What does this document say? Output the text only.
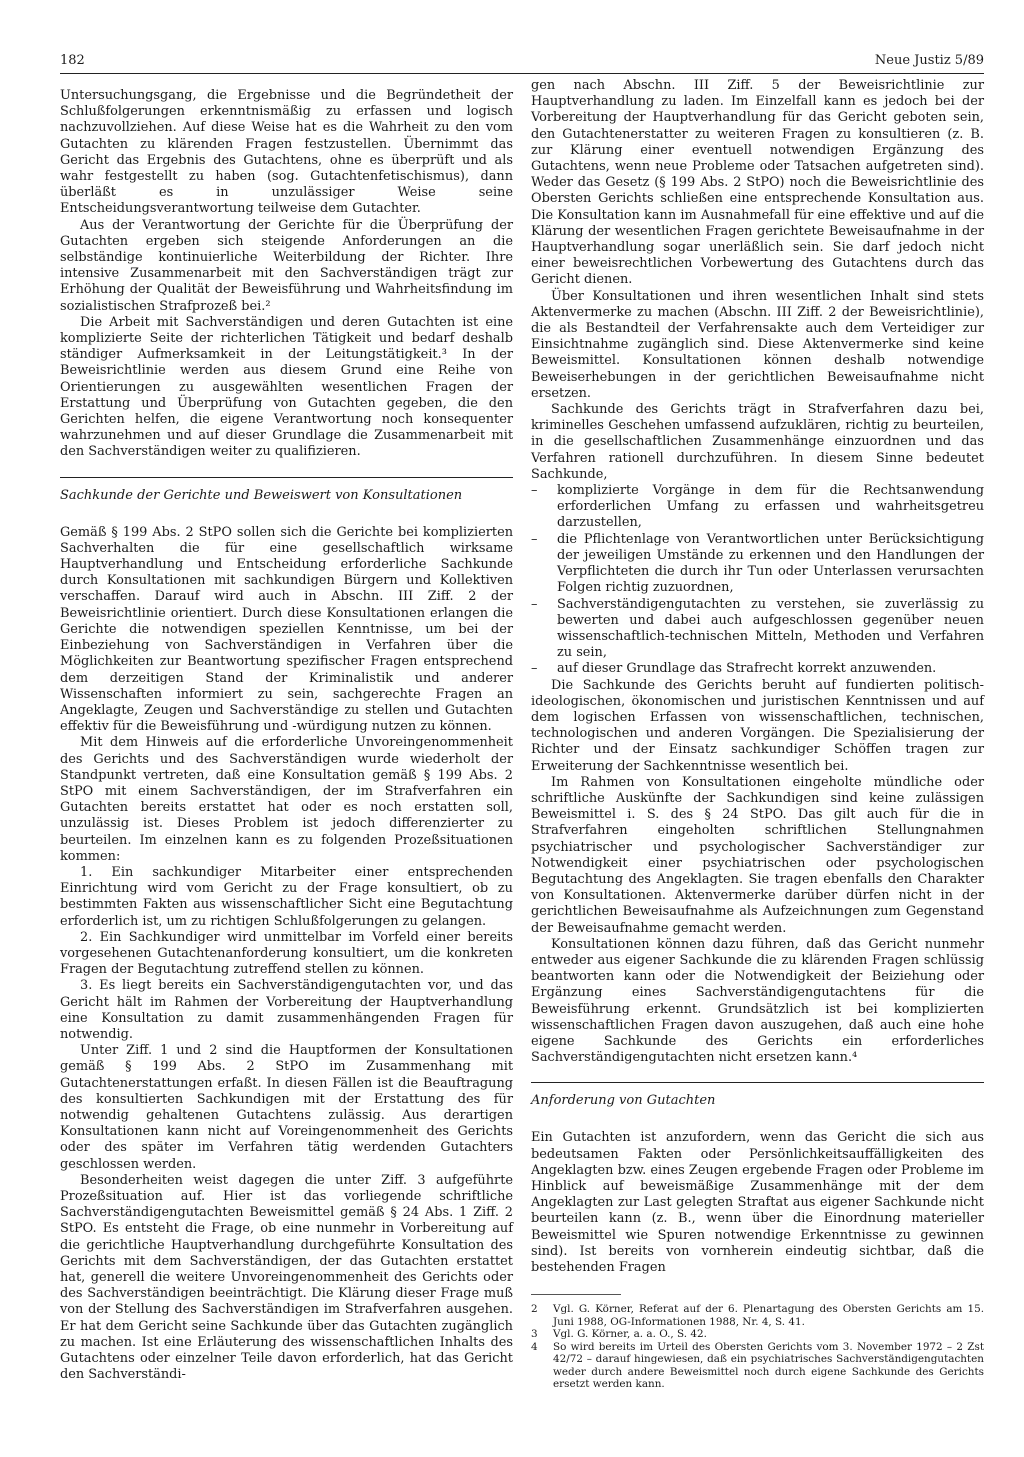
182	Neue Justiz 5/89

Untersuchungsgang, die Ergebnisse und die Begründetheit der Schlußfolgerungen erkenntnismäßig zu erfassen und logisch nachzuvollziehen. Auf diese Weise hat es die Wahrheit zu den vom Gutachten zu klärenden Fragen festzustellen. Übernimmt das Gericht das Ergebnis des Gutachtens, ohne es überprüft und als wahr festgestellt zu haben (sog. Gutachtenfetischismus), dann überläßt es in unzulässiger Weise seine Entscheidungsverantwortung teilweise dem Gutachter.

Aus der Verantwortung der Gerichte für die Überprüfung der Gutachten ergeben sich steigende Anforderungen an die selbständige kontinuierliche Weiterbildung der Richter. Ihre intensive Zusammenarbeit mit den Sachverständigen trägt zur Erhöhung der Qualität der Beweisführung und Wahrheitsfindung im sozialistischen Strafprozeß bei.²

Die Arbeit mit Sachverständigen und deren Gutachten ist eine komplizierte Seite der richterlichen Tätigkeit und bedarf deshalb ständiger Aufmerksamkeit in der Leitungstätigkeit.³ In der Beweisrichtlinie werden aus diesem Grund eine Reihe von Orientierungen zu ausgewählten wesentlichen Fragen der Erstattung und Überprüfung von Gutachten gegeben, die den Gerichten helfen, die eigene Verantwortung noch konsequenter wahrzunehmen und auf dieser Grundlage die Zusammenarbeit mit den Sachverständigen weiter zu qualifizieren.

Sachkunde der Gerichte und Beweiswert von Konsultationen

Gemäß § 199 Abs. 2 StPO sollen sich die Gerichte bei komplizierten Sachverhalten die für eine gesellschaftlich wirksame Hauptverhandlung und Entscheidung erforderliche Sachkunde durch Konsultationen mit sachkundigen Bürgern und Kollektiven verschaffen. Darauf wird auch in Abschn. III Ziff. 2 der Beweisrichtlinie orientiert. Durch diese Konsultationen erlangen die Gerichte die notwendigen speziellen Kenntnisse, um bei der Einbeziehung von Sachverständigen in Verfahren über die Möglichkeiten zur Beantwortung spezifischer Fragen entsprechend dem derzeitigen Stand der Kriminalistik und anderer Wissenschaften informiert zu sein, sachgerechte Fragen an Angeklagte, Zeugen und Sachverständige zu stellen und Gutachten effektiv für die Beweisführung und -würdigung nutzen zu können.

Mit dem Hinweis auf die erforderliche Unvoreingenommenheit des Gerichts und des Sachverständigen wurde wiederholt der Standpunkt vertreten, daß eine Konsultation gemäß § 199 Abs. 2 StPO mit einem Sachverständigen, der im Strafverfahren ein Gutachten bereits erstattet hat oder es noch erstatten soll, unzulässig ist. Dieses Problem ist jedoch differenzierter zu beurteilen. Im einzelnen kann es zu folgenden Prozeßsituationen kommen:

1. Ein sachkundiger Mitarbeiter einer entsprechenden Einrichtung wird vom Gericht zu der Frage konsultiert, ob zu bestimmten Fakten aus wissenschaftlicher Sicht eine Begutachtung erforderlich ist, um zu richtigen Schlußfolgerungen zu gelangen.

2. Ein Sachkundiger wird unmittelbar im Vorfeld einer bereits vorgesehenen Gutachtenanforderung konsultiert, um die konkreten Fragen der Begutachtung zutreffend stellen zu können.

3. Es liegt bereits ein Sachverständigengutachten vor, und das Gericht hält im Rahmen der Vorbereitung der Hauptverhandlung eine Konsultation zu damit zusammenhängenden Fragen für notwendig.

Unter Ziff. 1 und 2 sind die Hauptformen der Konsultationen gemäß § 199 Abs. 2 StPO im Zusammenhang mit Gutachtenerstattungen erfaßt. In diesen Fällen ist die Beauftragung des konsultierten Sachkundigen mit der Erstattung des für notwendig gehaltenen Gutachtens zulässig. Aus derartigen Konsultationen kann nicht auf Voreingenommenheit des Gerichts oder des später im Verfahren tätig werdenden Gutachters geschlossen werden.

Besonderheiten weist dagegen die unter Ziff. 3 aufgeführte Prozeßsituation auf. Hier ist das vorliegende schriftliche Sachverständigengutachten Beweismittel gemäß § 24 Abs. 1 Ziff. 2 StPO. Es entsteht die Frage, ob eine nunmehr in Vorbereitung auf die gerichtliche Hauptverhandlung durchgeführte Konsultation des Gerichts mit dem Sachverständigen, der das Gutachten erstattet hat, generell die weitere Unvoreingenommenheit des Gerichts oder des Sachverständigen beeinträchtigt. Die Klärung dieser Frage muß von der Stellung des Sachverständigen im Strafverfahren ausgehen. Er hat dem Gericht seine Sachkunde über das Gutachten zugänglich zu machen. Ist eine Erläuterung des wissenschaftlichen Inhalts des Gutachtens oder einzelner Teile davon erforderlich, hat das Gericht den Sachverständi-

gen nach Abschn. III Ziff. 5 der Beweisrichtlinie zur Hauptverhandlung zu laden. Im Einzelfall kann es jedoch bei der Vorbereitung der Hauptverhandlung für das Gericht geboten sein, den Gutachtenerstatter zu weiteren Fragen zu konsultieren (z. B. zur Klärung einer eventuell notwendigen Ergänzung des Gutachtens, wenn neue Probleme oder Tatsachen aufgetreten sind). Weder das Gesetz (§ 199 Abs. 2 StPO) noch die Beweisrichtlinie des Obersten Gerichts schließen eine entsprechende Konsultation aus. Die Konsultation kann im Ausnahmefall für eine effektive und auf die Klärung der wesentlichen Fragen gerichtete Beweisaufnahme in der Hauptverhandlung sogar unerläßlich sein. Sie darf jedoch nicht einer beweisrechtlichen Vorbewertung des Gutachtens durch das Gericht dienen.

Über Konsultationen und ihren wesentlichen Inhalt sind stets Aktenvermerke zu machen (Abschn. III Ziff. 2 der Beweisrichtlinie), die als Bestandteil der Verfahrensakte auch dem Verteidiger zur Einsichtnahme zugänglich sind. Diese Aktenvermerke sind keine Beweismittel. Konsultationen können deshalb notwendige Beweiserhebungen in der gerichtlichen Beweisaufnahme nicht ersetzen.

Sachkunde des Gerichts trägt in Strafverfahren dazu bei, kriminelles Geschehen umfassend aufzuklären, richtig zu beurteilen, in die gesellschaftlichen Zusammenhänge einzuordnen und das Verfahren rationell durchzuführen. In diesem Sinne bedeutet Sachkunde,

–	komplizierte Vorgänge in dem für die Rechtsanwendung erforderlichen Umfang zu erfassen und wahrheitsgetreu darzustellen,
–	die Pflichtenlage von Verantwortlichen unter Berücksichtigung der jeweiligen Umstände zu erkennen und den Handlungen der Verpflichteten die durch ihr Tun oder Unterlassen verursachten Folgen richtig zuzuordnen,
–	Sachverständigengutachten zu verstehen, sie zuverlässig zu bewerten und dabei auch aufgeschlossen gegenüber neuen wissenschaftlich-technischen Mitteln, Methoden und Verfahren zu sein,
–	auf dieser Grundlage das Strafrecht korrekt anzuwenden.

Die Sachkunde des Gerichts beruht auf fundierten politisch-ideologischen, ökonomischen und juristischen Kenntnissen und auf dem logischen Erfassen von wissenschaftlichen, technischen, technologischen und anderen Vorgängen. Die Spezialisierung der Richter und der Einsatz sachkundiger Schöffen tragen zur Erweiterung der Sachkenntnisse wesentlich bei.

Im Rahmen von Konsultationen eingeholte mündliche oder schriftliche Auskünfte der Sachkundigen sind keine zulässigen Beweismittel i. S. des § 24 StPO. Das gilt auch für die in Strafverfahren eingeholten schriftlichen Stellungnahmen psychiatrischer und psychologischer Sachverständiger zur Notwendigkeit einer psychiatrischen oder psychologischen Begutachtung des Angeklagten. Sie tragen ebenfalls den Charakter von Konsultationen. Aktenvermerke darüber dürfen nicht in der gerichtlichen Beweisaufnahme als Aufzeichnungen zum Gegenstand der Beweisaufnahme gemacht werden.

Konsultationen können dazu führen, daß das Gericht nunmehr entweder aus eigener Sachkunde die zu klärenden Fragen schlüssig beantworten kann oder die Notwendigkeit der Beiziehung oder Ergänzung eines Sachverständigengutachtens für die Beweisführung erkennt. Grundsätzlich ist bei komplizierten wissenschaftlichen Fragen davon auszugehen, daß auch eine hohe eigene Sachkunde des Gerichts ein erforderliches Sachverständigengutachten nicht ersetzen kann.⁴

Anforderung von Gutachten

Ein Gutachten ist anzufordern, wenn das Gericht die sich aus bedeutsamen Fakten oder Persönlichkeitsauffälligkeiten des Angeklagten bzw. eines Zeugen ergebende Fragen oder Probleme im Hinblick auf beweismäßige Zusammenhänge mit der dem Angeklagten zur Last gelegten Straftat aus eigener Sachkunde nicht beurteilen kann (z. B., wenn über die Einordnung materieller Beweismittel wie Spuren notwendige Erkenntnisse zu gewinnen sind). Ist bereits von vornherein eindeutig sichtbar, daß die bestehenden Fragen

2	Vgl. G. Körner, Referat auf der 6. Plenartagung des Obersten Gerichts am 15. Juni 1988, OG-Informationen 1988, Nr. 4, S. 41.
3	Vgl. G. Körner, a. a. O., S. 42.
4	So wird bereits im Urteil des Obersten Gerichts vom 3. November 1972 – 2 Zst 42/72 – darauf hingewiesen, daß ein psychiatrisches Sachverständigengutachten weder durch andere Beweismittel noch durch eigene Sachkunde des Gerichts ersetzt werden kann.
